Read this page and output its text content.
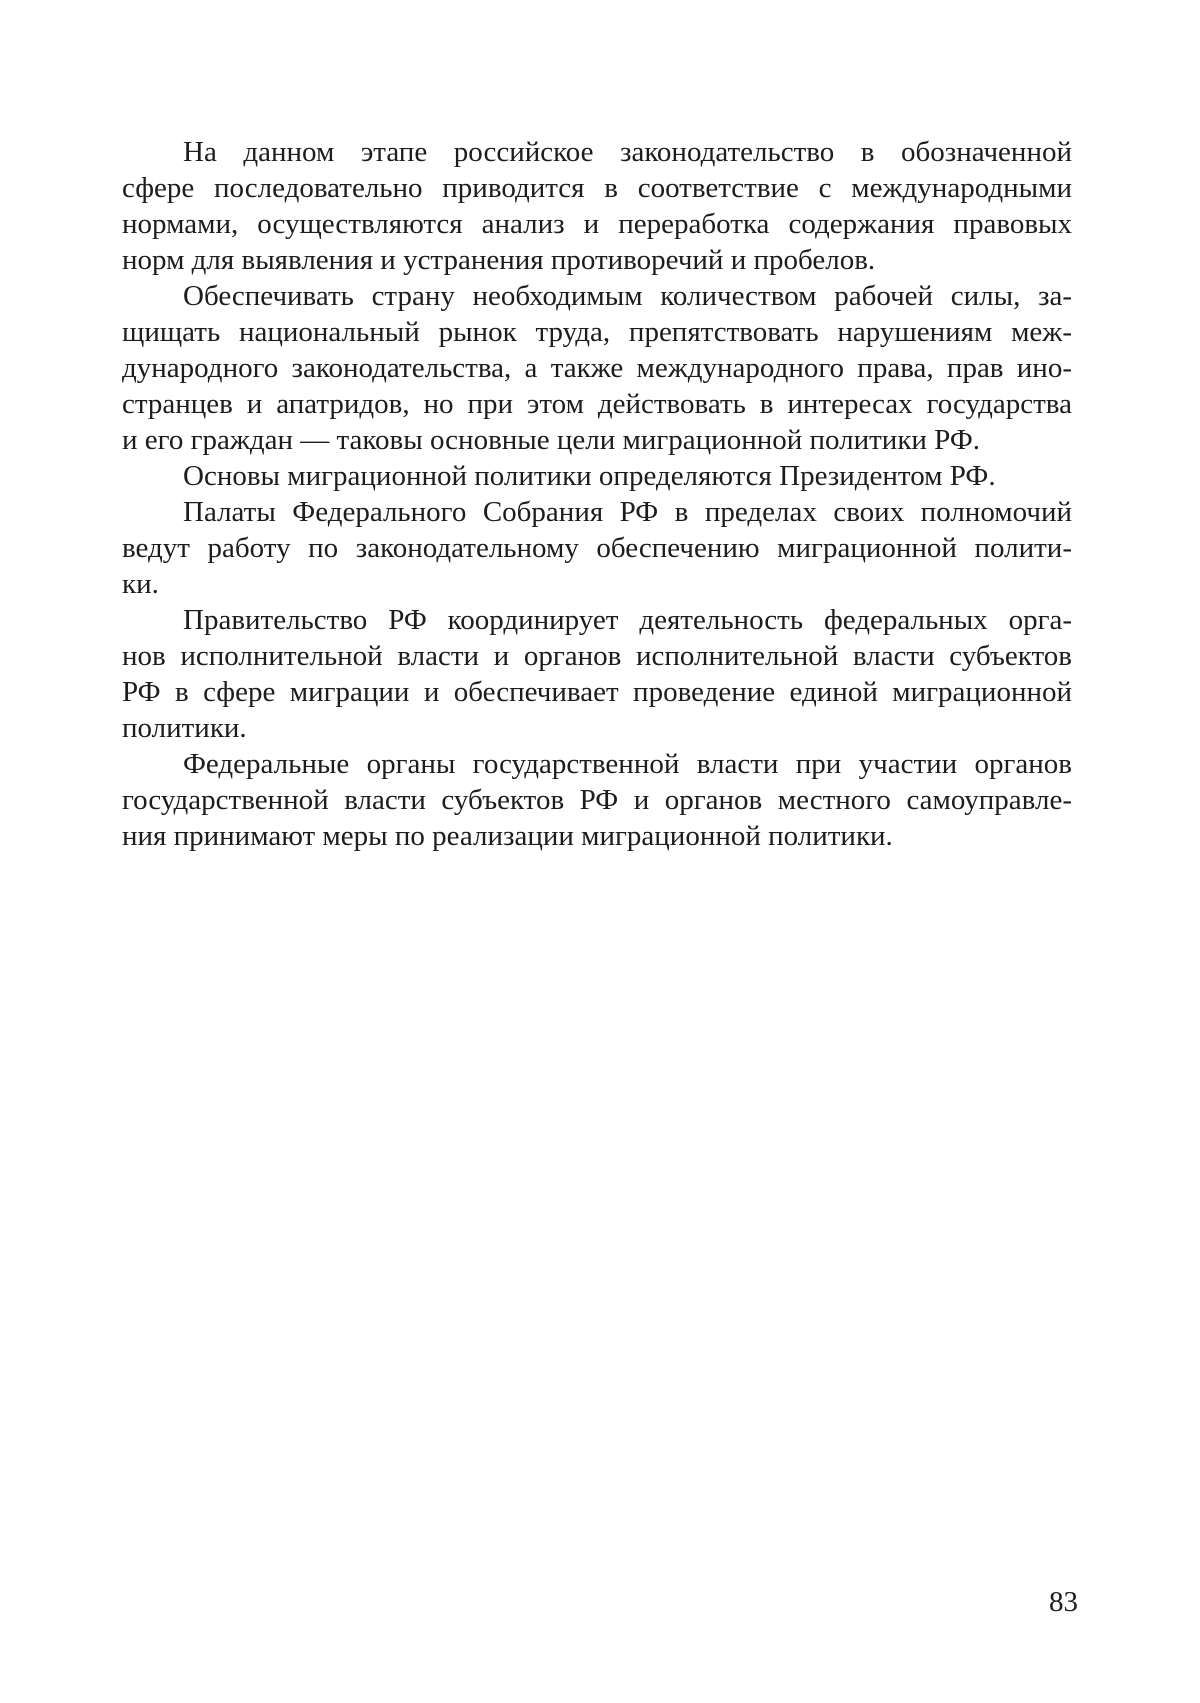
На данном этапе российское законодательство в обозначенной
сфере последовательно приводится в соответствие с международными
нормами, осуществляются анализ и переработка содержания правовых
норм для выявления и устранения противоречий и пробелов.
Обеспечивать страну необходимым количеством рабочей силы, за-
щищать национальный рынок труда, препятствовать нарушениям меж-
дународного законодательства, а также международного права, прав ино-
странцев и апатридов, но при этом действовать в интересах государства
и его граждан — таковы основные цели миграционной политики РФ.
Основы миграционной политики определяются Президентом РФ.
Палаты Федерального Собрания РФ в пределах своих полномочий
ведут работу по законодательному обеспечению миграционной полити-
ки.
Правительство РФ координирует деятельность федеральных орга-
нов исполнительной власти и органов исполнительной власти субъектов
РФ в сфере миграции и обеспечивает проведение единой миграционной
политики.
Федеральные органы государственной власти при участии органов
государственной власти субъектов РФ и органов местного самоуправле-
ния принимают меры по реализации миграционной политики.
83
